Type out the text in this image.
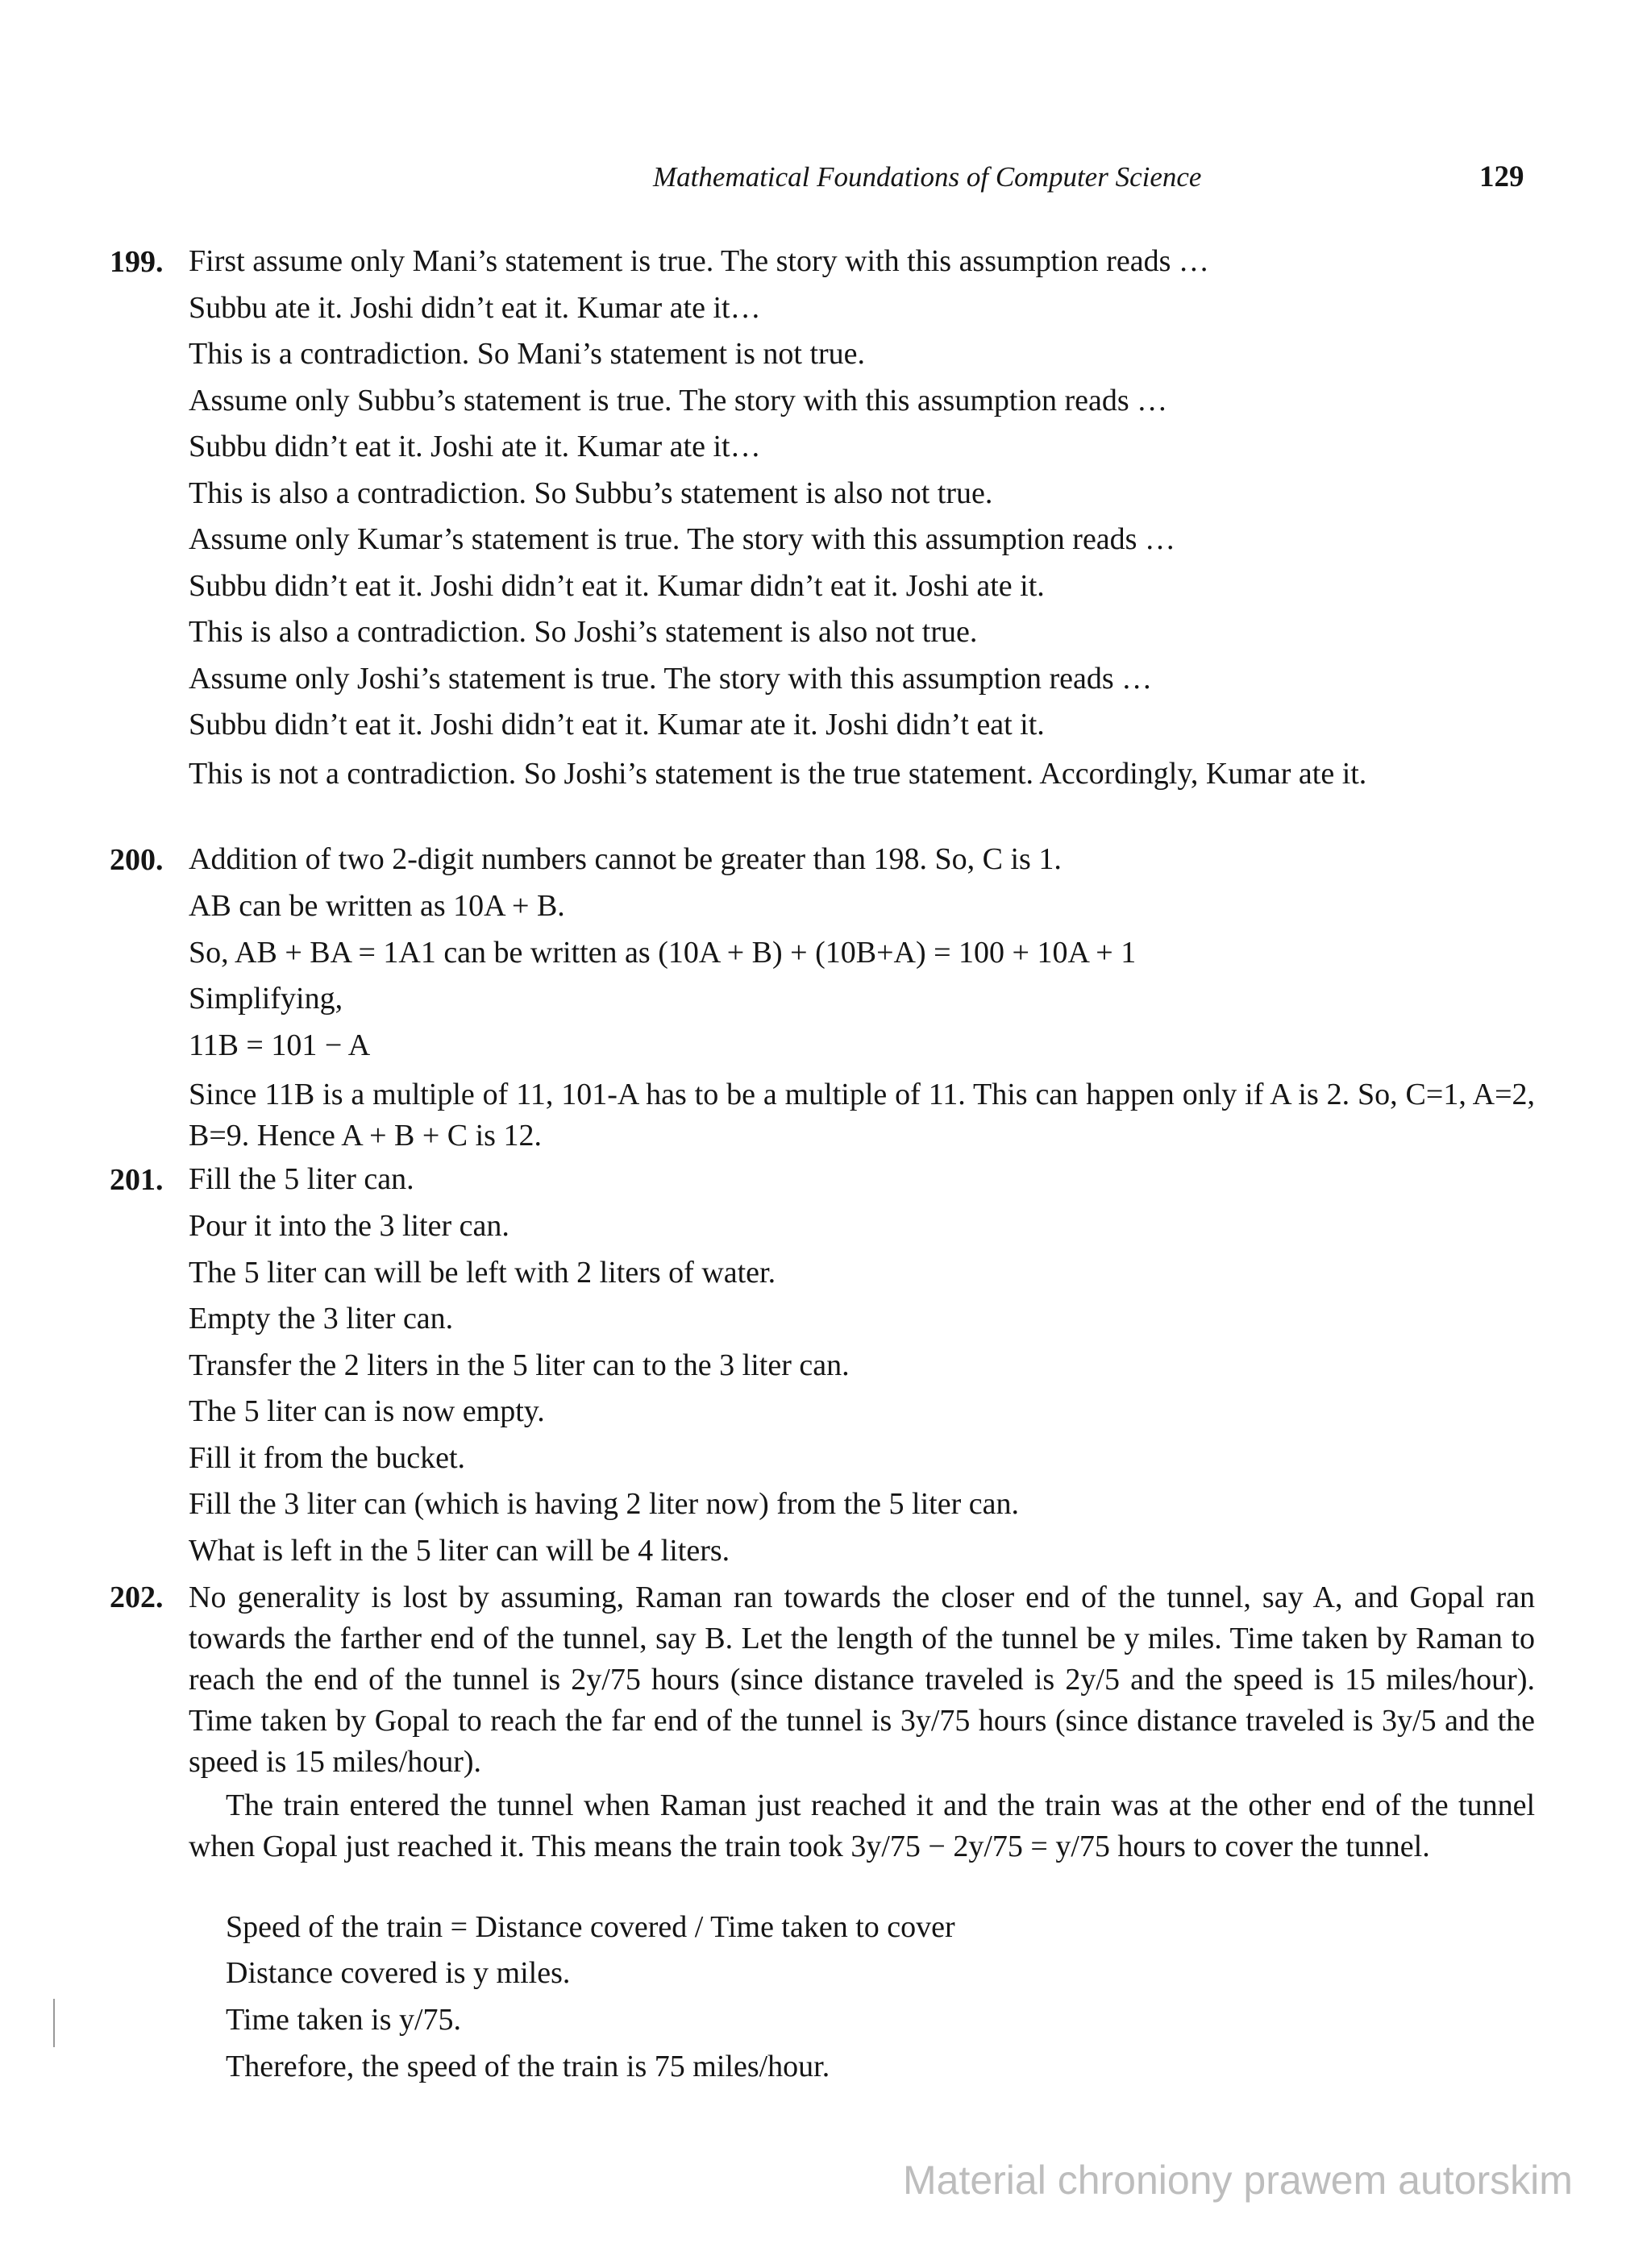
Mathematical Foundations of Computer Science	129
199. First assume only Mani’s statement is true. The story with this assumption reads …
Subbu ate it. Joshi didn’t eat it. Kumar ate it…
This is a contradiction. So Mani’s statement is not true.
Assume only Subbu’s statement is true. The story with this assumption reads …
Subbu didn’t eat it. Joshi ate it. Kumar ate it…
This is also a contradiction. So Subbu’s statement is also not true.
Assume only Kumar’s statement is true. The story with this assumption reads …
Subbu didn’t eat it. Joshi didn’t eat it. Kumar didn’t eat it. Joshi ate it.
This is also a contradiction. So Joshi’s statement is also not true.
Assume only Joshi’s statement is true. The story with this assumption reads …
Subbu didn’t eat it. Joshi didn’t eat it. Kumar ate it. Joshi didn’t eat it.
This is not a contradiction. So Joshi’s statement is the true statement. Accordingly, Kumar ate it.
200. Addition of two 2-digit numbers cannot be greater than 198. So, C is 1.
AB can be written as 10A + B.
So, AB + BA = 1A1 can be written as (10A + B) + (10B+A) = 100 + 10A + 1
Simplifying,
11B = 101 − A
Since 11B is a multiple of 11, 101-A has to be a multiple of 11. This can happen only if A is 2. So, C=1, A=2, B=9. Hence A + B + C is 12.
201. Fill the 5 liter can.
Pour it into the 3 liter can.
The 5 liter can will be left with 2 liters of water.
Empty the 3 liter can.
Transfer the 2 liters in the 5 liter can to the 3 liter can.
The 5 liter can is now empty.
Fill it from the bucket.
Fill the 3 liter can (which is having 2 liter now) from the 5 liter can.
What is left in the 5 liter can will be 4 liters.
202. No generality is lost by assuming, Raman ran towards the closer end of the tunnel, say A, and Gopal ran towards the farther end of the tunnel, say B. Let the length of the tunnel be y miles. Time taken by Raman to reach the end of the tunnel is 2y/75 hours (since distance traveled is 2y/5 and the speed is 15 miles/hour). Time taken by Gopal to reach the far end of the tunnel is 3y/75 hours (since distance traveled is 3y/5 and the speed is 15 miles/hour).
The train entered the tunnel when Raman just reached it and the train was at the other end of the tunnel when Gopal just reached it. This means the train took 3y/75 − 2y/75 = y/75 hours to cover the tunnel.
Speed of the train = Distance covered / Time taken to cover
Distance covered is y miles.
Time taken is y/75.
Therefore, the speed of the train is 75 miles/hour.
Material chroniony prawem autorskim
